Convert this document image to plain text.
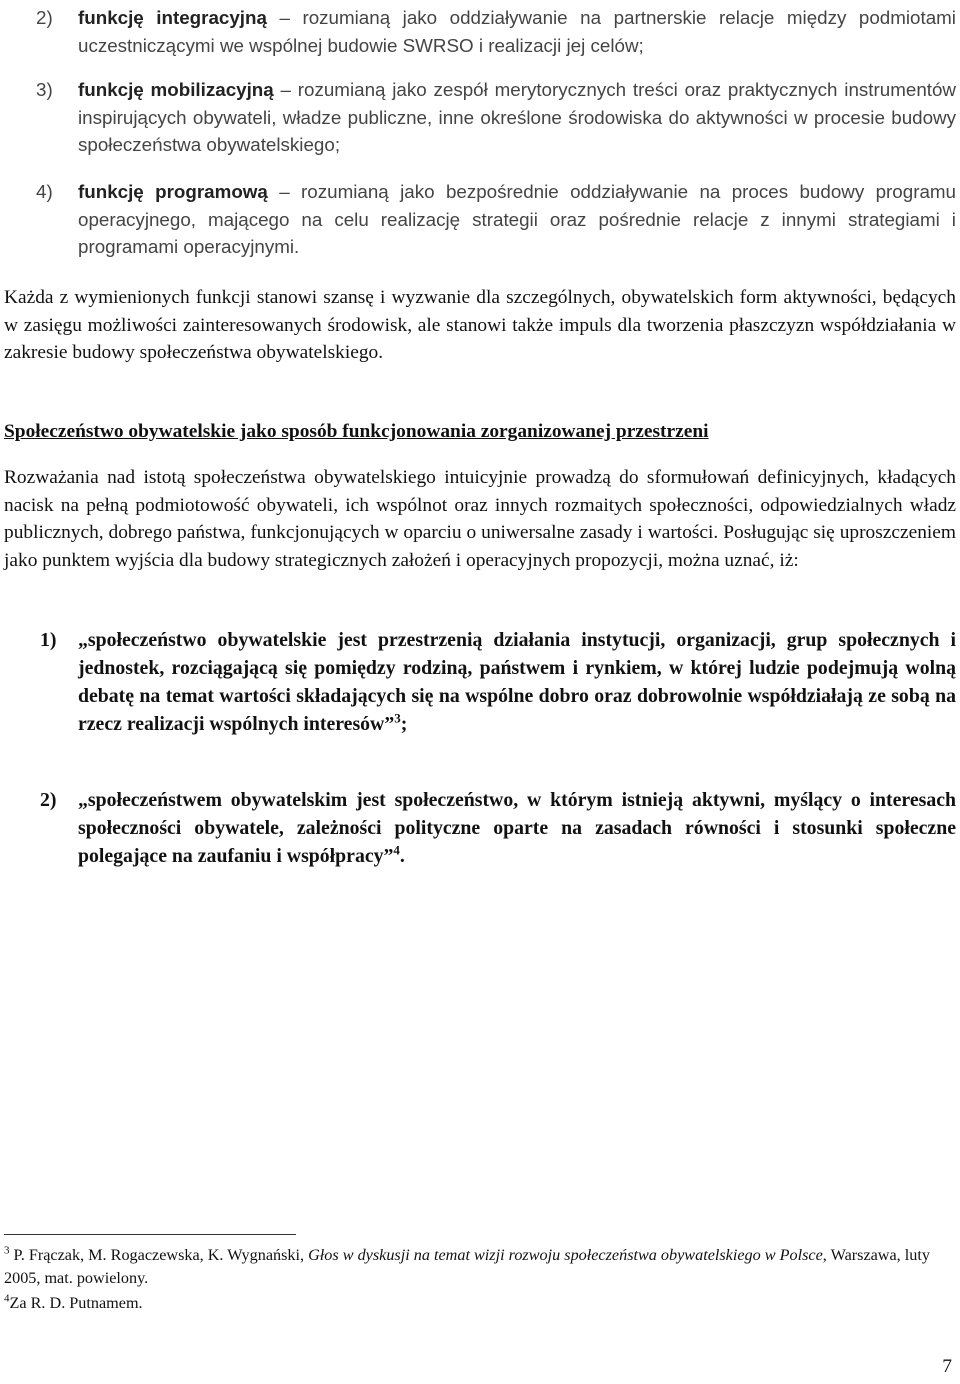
2) funkcję integracyjną – rozumianą jako oddziaływanie na partnerskie relacje między podmiotami uczestniczącymi we wspólnej budowie SWRSO i realizacji jej celów;
3) funkcję mobilizacyjną – rozumianą jako zespół merytorycznych treści oraz praktycznych instrumentów inspirujących obywateli, władze publiczne, inne określone środowiska do aktywności w procesie budowy społeczeństwa obywatelskiego;
4) funkcję programową – rozumianą jako bezpośrednie oddziaływanie na proces budowy programu operacyjnego, mającego na celu realizację strategii oraz pośrednie relacje z innymi strategiami i programami operacyjnymi.
Każda z wymienionych funkcji stanowi szansę i wyzwanie dla szczególnych, obywatelskich form aktywności, będących w zasięgu możliwości zainteresowanych środowisk, ale stanowi także impuls dla tworzenia płaszczyzn współdziałania w zakresie budowy społeczeństwa obywatelskiego.
Społeczeństwo obywatelskie jako sposób funkcjonowania zorganizowanej przestrzeni
Rozważania nad istotą społeczeństwa obywatelskiego intuicyjnie prowadzą do sformułowań definicyjnych, kładących nacisk na pełną podmiotowość obywateli, ich wspólnot oraz innych rozmaitych społeczności, odpowiedzialnych władz publicznych, dobrego państwa, funkcjonujących w oparciu o uniwersalne zasady i wartości. Posługując się uproszczeniem jako punktem wyjścia dla budowy strategicznych założeń i operacyjnych propozycji, można uznać, iż:
1) „społeczeństwo obywatelskie jest przestrzenią działania instytucji, organizacji, grup społecznych i jednostek, rozciągającą się pomiędzy rodziną, państwem i rynkiem, w której ludzie podejmują wolną debatę na temat wartości składających się na wspólne dobro oraz dobrowolnie współdziałają ze sobą na rzecz realizacji wspólnych interesów”$^3$;
2) „społeczeństwem obywatelskim jest społeczeństwo, w którym istnieją aktywni, myślący o interesach społeczności obywatele, zależności polityczne oparte na zasadach równości i stosunki społeczne polegające na zaufaniu i współpracy”$^4$.
$^3$ P. Frączak, M. Rogaczewska, K. Wygnański, Głos w dyskusji na temat wizji rozwoju społeczeństwa obywatelskiego w Polsce, Warszawa, luty 2005, mat. powielony.
$^4$Za R. D. Putnamem.
7
